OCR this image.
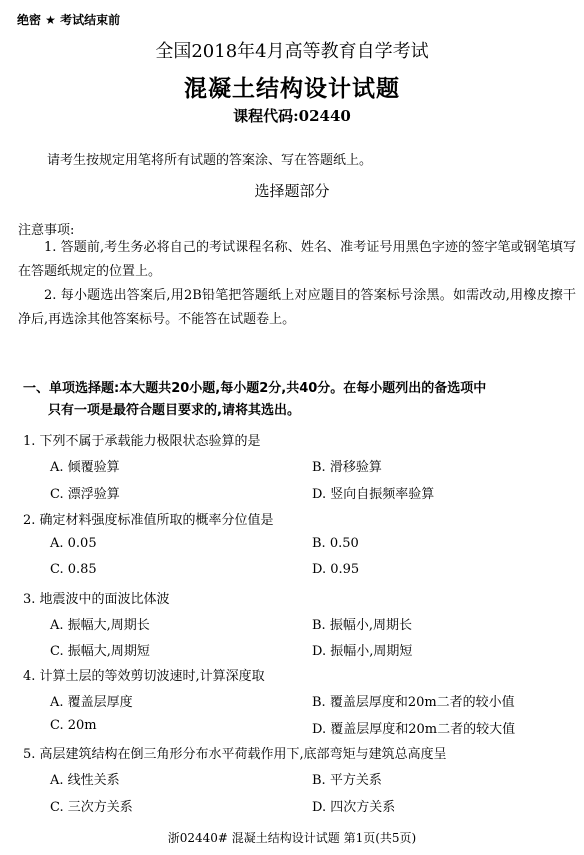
绝密 ★ 考试结束前
全国2018年4月高等教育自学考试
混凝土结构设计试题
课程代码:02440
请考生按规定用笔将所有试题的答案涂、写在答题纸上。
选择题部分
注意事项:
1. 答题前,考生务必将自己的考试课程名称、姓名、准考证号用黑色字迹的签字笔或钢笔填写在答题纸规定的位置上。
2. 每小题选出答案后,用2B铅笔把答题纸上对应题目的答案标号涂黑。如需改动,用橡皮擦干净后,再选涂其他答案标号。不能答在试题卷上。
一、单项选择题:本大题共20小题,每小题2分,共40分。在每小题列出的备选项中
只有一项是最符合题目要求的,请将其选出。
1. 下列不属于承载能力极限状态验算的是
A. 倾覆验算	B. 滑移验算
C. 漂浮验算	D. 竖向自振频率验算
2. 确定材料强度标准值所取的概率分位值是
A. 0.05	B. 0.50
C. 0.85	D. 0.95
3. 地震波中的面波比体波
A. 振幅大,周期长	B. 振幅小,周期长
C. 振幅大,周期短	D. 振幅小,周期短
4. 计算土层的等效剪切波速时,计算深度取
A. 覆盖层厚度	B. 覆盖层厚度和20m二者的较小值
C. 20m	D. 覆盖层厚度和20m二者的较大值
5. 高层建筑结构在倒三角形分布水平荷载作用下,底部弯矩与建筑总高度呈
A. 线性关系	B. 平方关系
C. 三次方关系	D. 四次方关系
浙02440# 混凝土结构设计试题 第1页(共5页)
